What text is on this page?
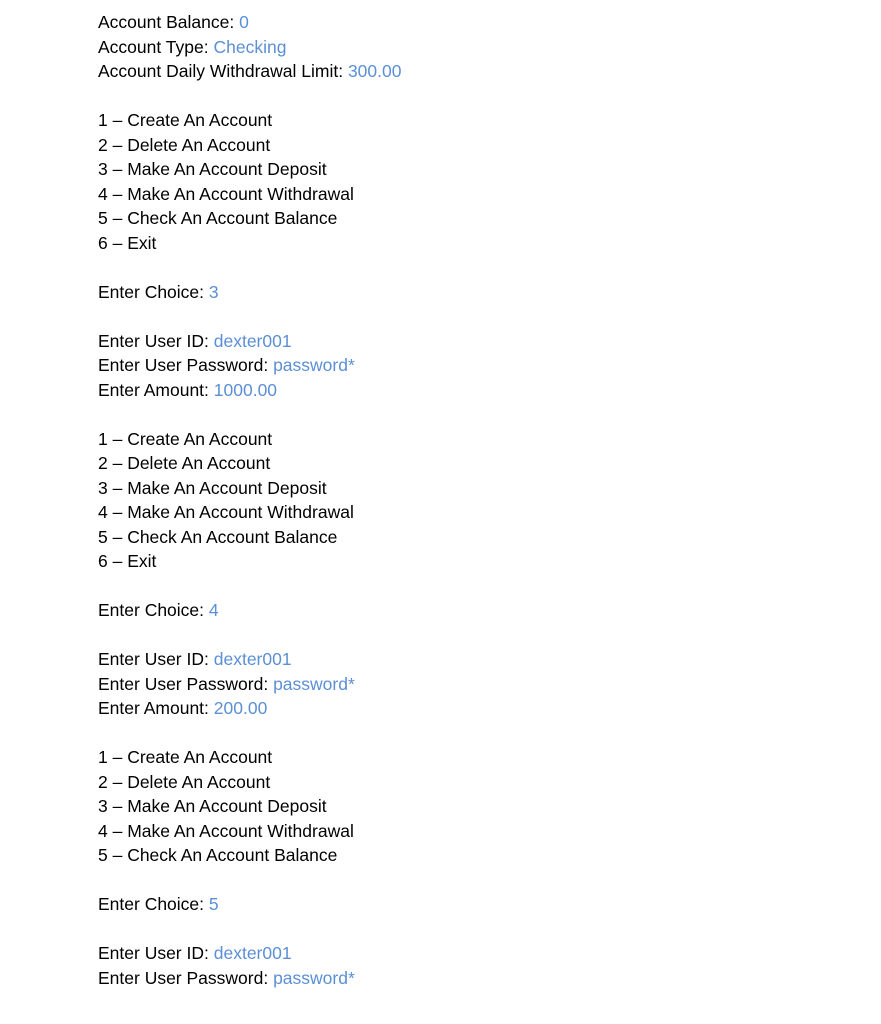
Account Balance: 0
Account Type: Checking
Account Daily Withdrawal Limit: 300.00
1 – Create An Account
2 – Delete An Account
3 – Make An Account Deposit
4 – Make An Account Withdrawal
5 – Check An Account Balance
6 – Exit
Enter Choice: 3
Enter User ID: dexter001
Enter User Password: password*
Enter Amount: 1000.00
1 – Create An Account
2 – Delete An Account
3 – Make An Account Deposit
4 – Make An Account Withdrawal
5 – Check An Account Balance
6 – Exit
Enter Choice: 4
Enter User ID: dexter001
Enter User Password: password*
Enter Amount: 200.00
1 – Create An Account
2 – Delete An Account
3 – Make An Account Deposit
4 – Make An Account Withdrawal
5 – Check An Account Balance
Enter Choice: 5
Enter User ID: dexter001
Enter User Password: password*
